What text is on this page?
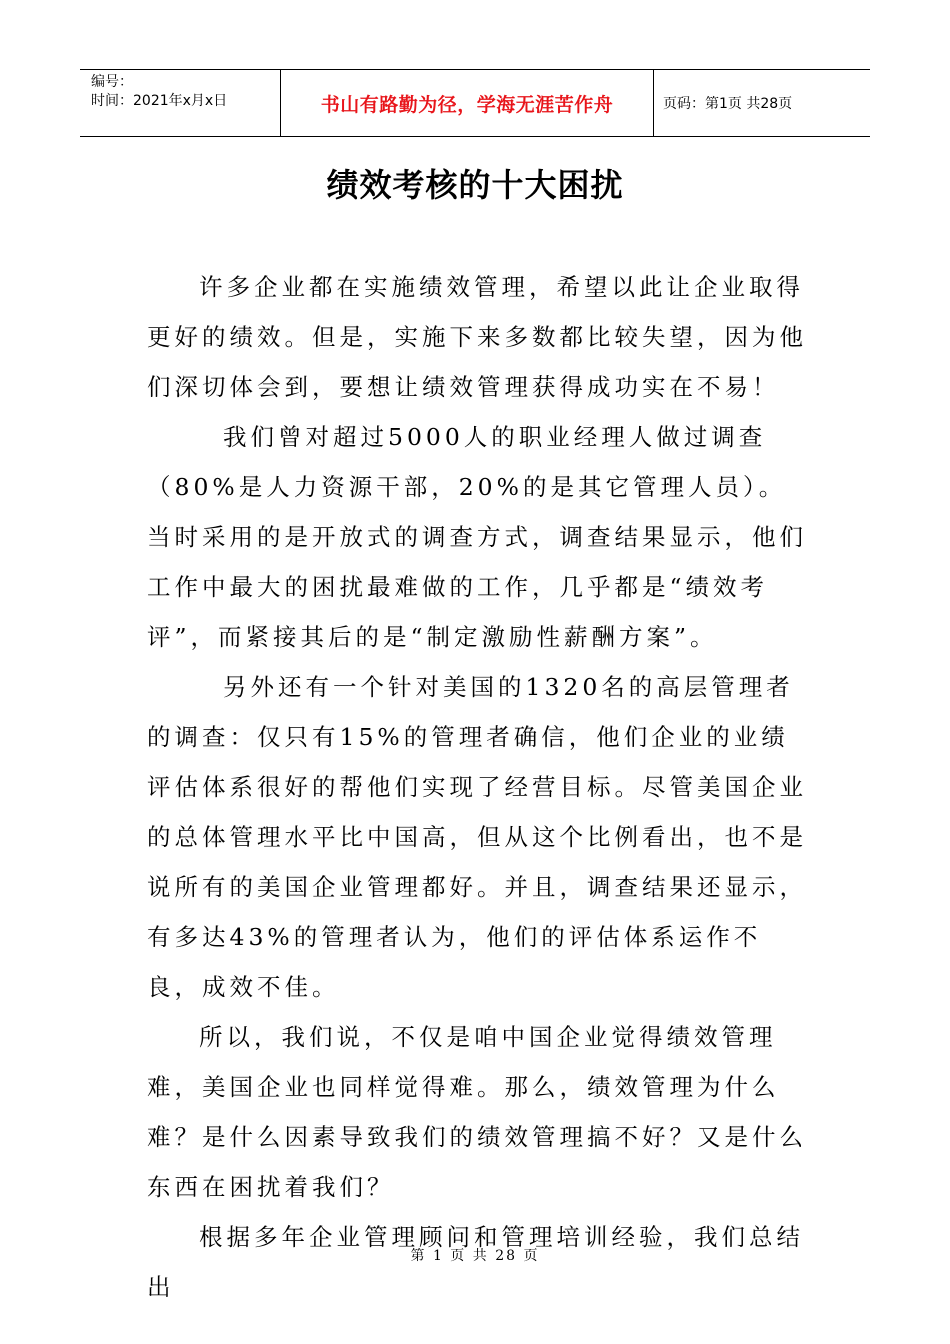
编号：
时间：2021年x月x日	书山有路勤为径，学海无涯苦作舟	页码：第1页 共28页
绩效考核的十大困扰

许多企业都在实施绩效管理，希望以此让企业取得更好的绩效。但是，实施下来多数都比较失望，因为他们深切体会到，要想让绩效管理获得成功实在不易！

我们曾对超过5000人的职业经理人做过调查（80%是人力资源干部，20%的是其它管理人员）。当时采用的是开放式的调查方式，调查结果显示，他们工作中最大的困扰最难做的工作，几乎都是“绩效考评”，而紧接其后的是“制定激励性薪酬方案”。

另外还有一个针对美国的1320名的高层管理者的调查：仅只有15%的管理者确信，他们企业的业绩评估体系很好的帮他们实现了经营目标。尽管美国企业的总体管理水平比中国高，但从这个比例看出，也不是说所有的美国企业管理都好。并且，调查结果还显示，有多达43%的管理者认为，他们的评估体系运作不良，成效不佳。

所以，我们说，不仅是咱中国企业觉得绩效管理难，美国企业也同样觉得难。那么，绩效管理为什么难？是什么因素导致我们的绩效管理搞不好？又是什么东西在困扰着我们？

根据多年企业管理顾问和管理培训经验，我们总结出

第 1 页 共 28 页
